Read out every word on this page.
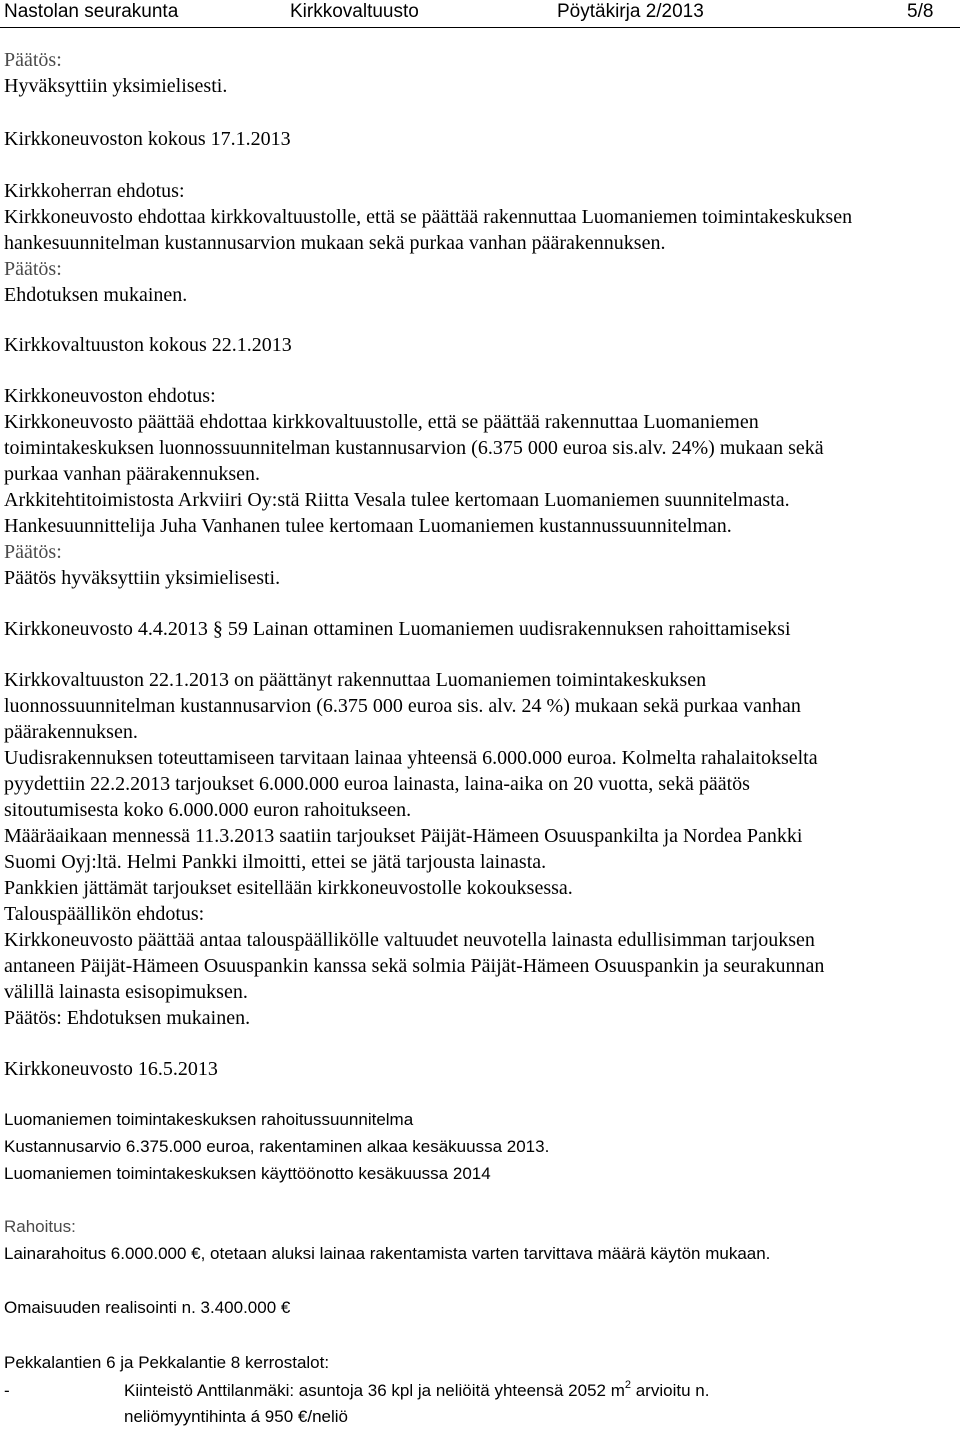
Nastolan seurakunta	Kirkkovaltuusto	Pöytäkirja 2/2013	5/8
Päätös:
Hyväksyttiin yksimielisesti.
Kirkkoneuvoston kokous 17.1.2013
Kirkkoherran ehdotus:
Kirkkoneuvosto ehdottaa kirkkovaltuustolle, että se päättää rakennuttaa Luomaniemen toimintakeskuksen
hankesuunnitelman kustannusarvion mukaan sekä purkaa vanhan päärakennuksen.
Päätös:
Ehdotuksen mukainen.
Kirkkovaltuuston kokous 22.1.2013
Kirkkoneuvoston ehdotus:
Kirkkoneuvosto päättää ehdottaa kirkkovaltuustolle, että se päättää rakennuttaa Luomaniemen
toimintakeskuksen luonnossuunnitelman kustannusarvion (6.375 000 euroa sis.alv. 24%) mukaan sekä
purkaa vanhan päärakennuksen.
Arkkitehtitoimistosta Arkviiri Oy:stä Riitta Vesala tulee kertomaan Luomaniemen suunnitelmasta.
Hankesuunnittelija Juha Vanhanen tulee kertomaan Luomaniemen kustannussuunnitelman.
Päätös:
Päätös hyväksyttiin yksimielisesti.
Kirkkoneuvosto 4.4.2013 § 59 Lainan ottaminen Luomaniemen uudisrakennuksen rahoittamiseksi
Kirkkovaltuuston 22.1.2013 on päättänyt rakennuttaa Luomaniemen toimintakeskuksen
luonnossuunnitelman kustannusarvion (6.375 000 euroa sis. alv. 24 %) mukaan sekä purkaa vanhan
päärakennuksen.
Uudisrakennuksen toteuttamiseen tarvitaan lainaa yhteensä 6.000.000 euroa. Kolmelta rahalaitokselta
pyydettiin 22.2.2013 tarjoukset 6.000.000 euroa lainasta, laina-aika on 20 vuotta, sekä päätös
sitoutumisesta koko 6.000.000 euron rahoitukseen.
Määräaikaan mennessä 11.3.2013 saatiin tarjoukset Päijät-Hämeen Osuuspankilta ja Nordea Pankki
Suomi Oyj:ltä. Helmi Pankki ilmoitti, ettei se jätä tarjousta lainasta.
Pankkien jättämät tarjoukset esitellään kirkkoneuvostolle kokouksessa.
Talouspäällikön ehdotus:
Kirkkoneuvosto päättää antaa talouspäällikölle valtuudet neuvotella lainasta edullisimman tarjouksen
antaneen Päijät-Hämeen Osuuspankin kanssa sekä solmia Päijät-Hämeen Osuuspankin ja seurakunnan
välillä lainasta esisopimuksen.
Päätös: Ehdotuksen mukainen.
Kirkkoneuvosto 16.5.2013
Luomaniemen toimintakeskuksen rahoitussuunnitelma
Kustannusarvio 6.375.000 euroa, rakentaminen alkaa kesäkuussa 2013.
Luomaniemen toimintakeskuksen käyttöönotto kesäkuussa 2014
Rahoitus:
Lainarahoitus 6.000.000 €, otetaan aluksi lainaa rakentamista varten tarvittava määrä käytön mukaan.
Omaisuuden realisointi n. 3.400.000 €
Pekkalantien 6 ja Pekkalantie 8 kerrostalot:
-	Kiinteistö Anttilanmäki: asuntoja 36 kpl ja neliöitä yhteensä 2052 $m^2$ arvioitu n.
neliömyyntihinta á 950 €/neliö
